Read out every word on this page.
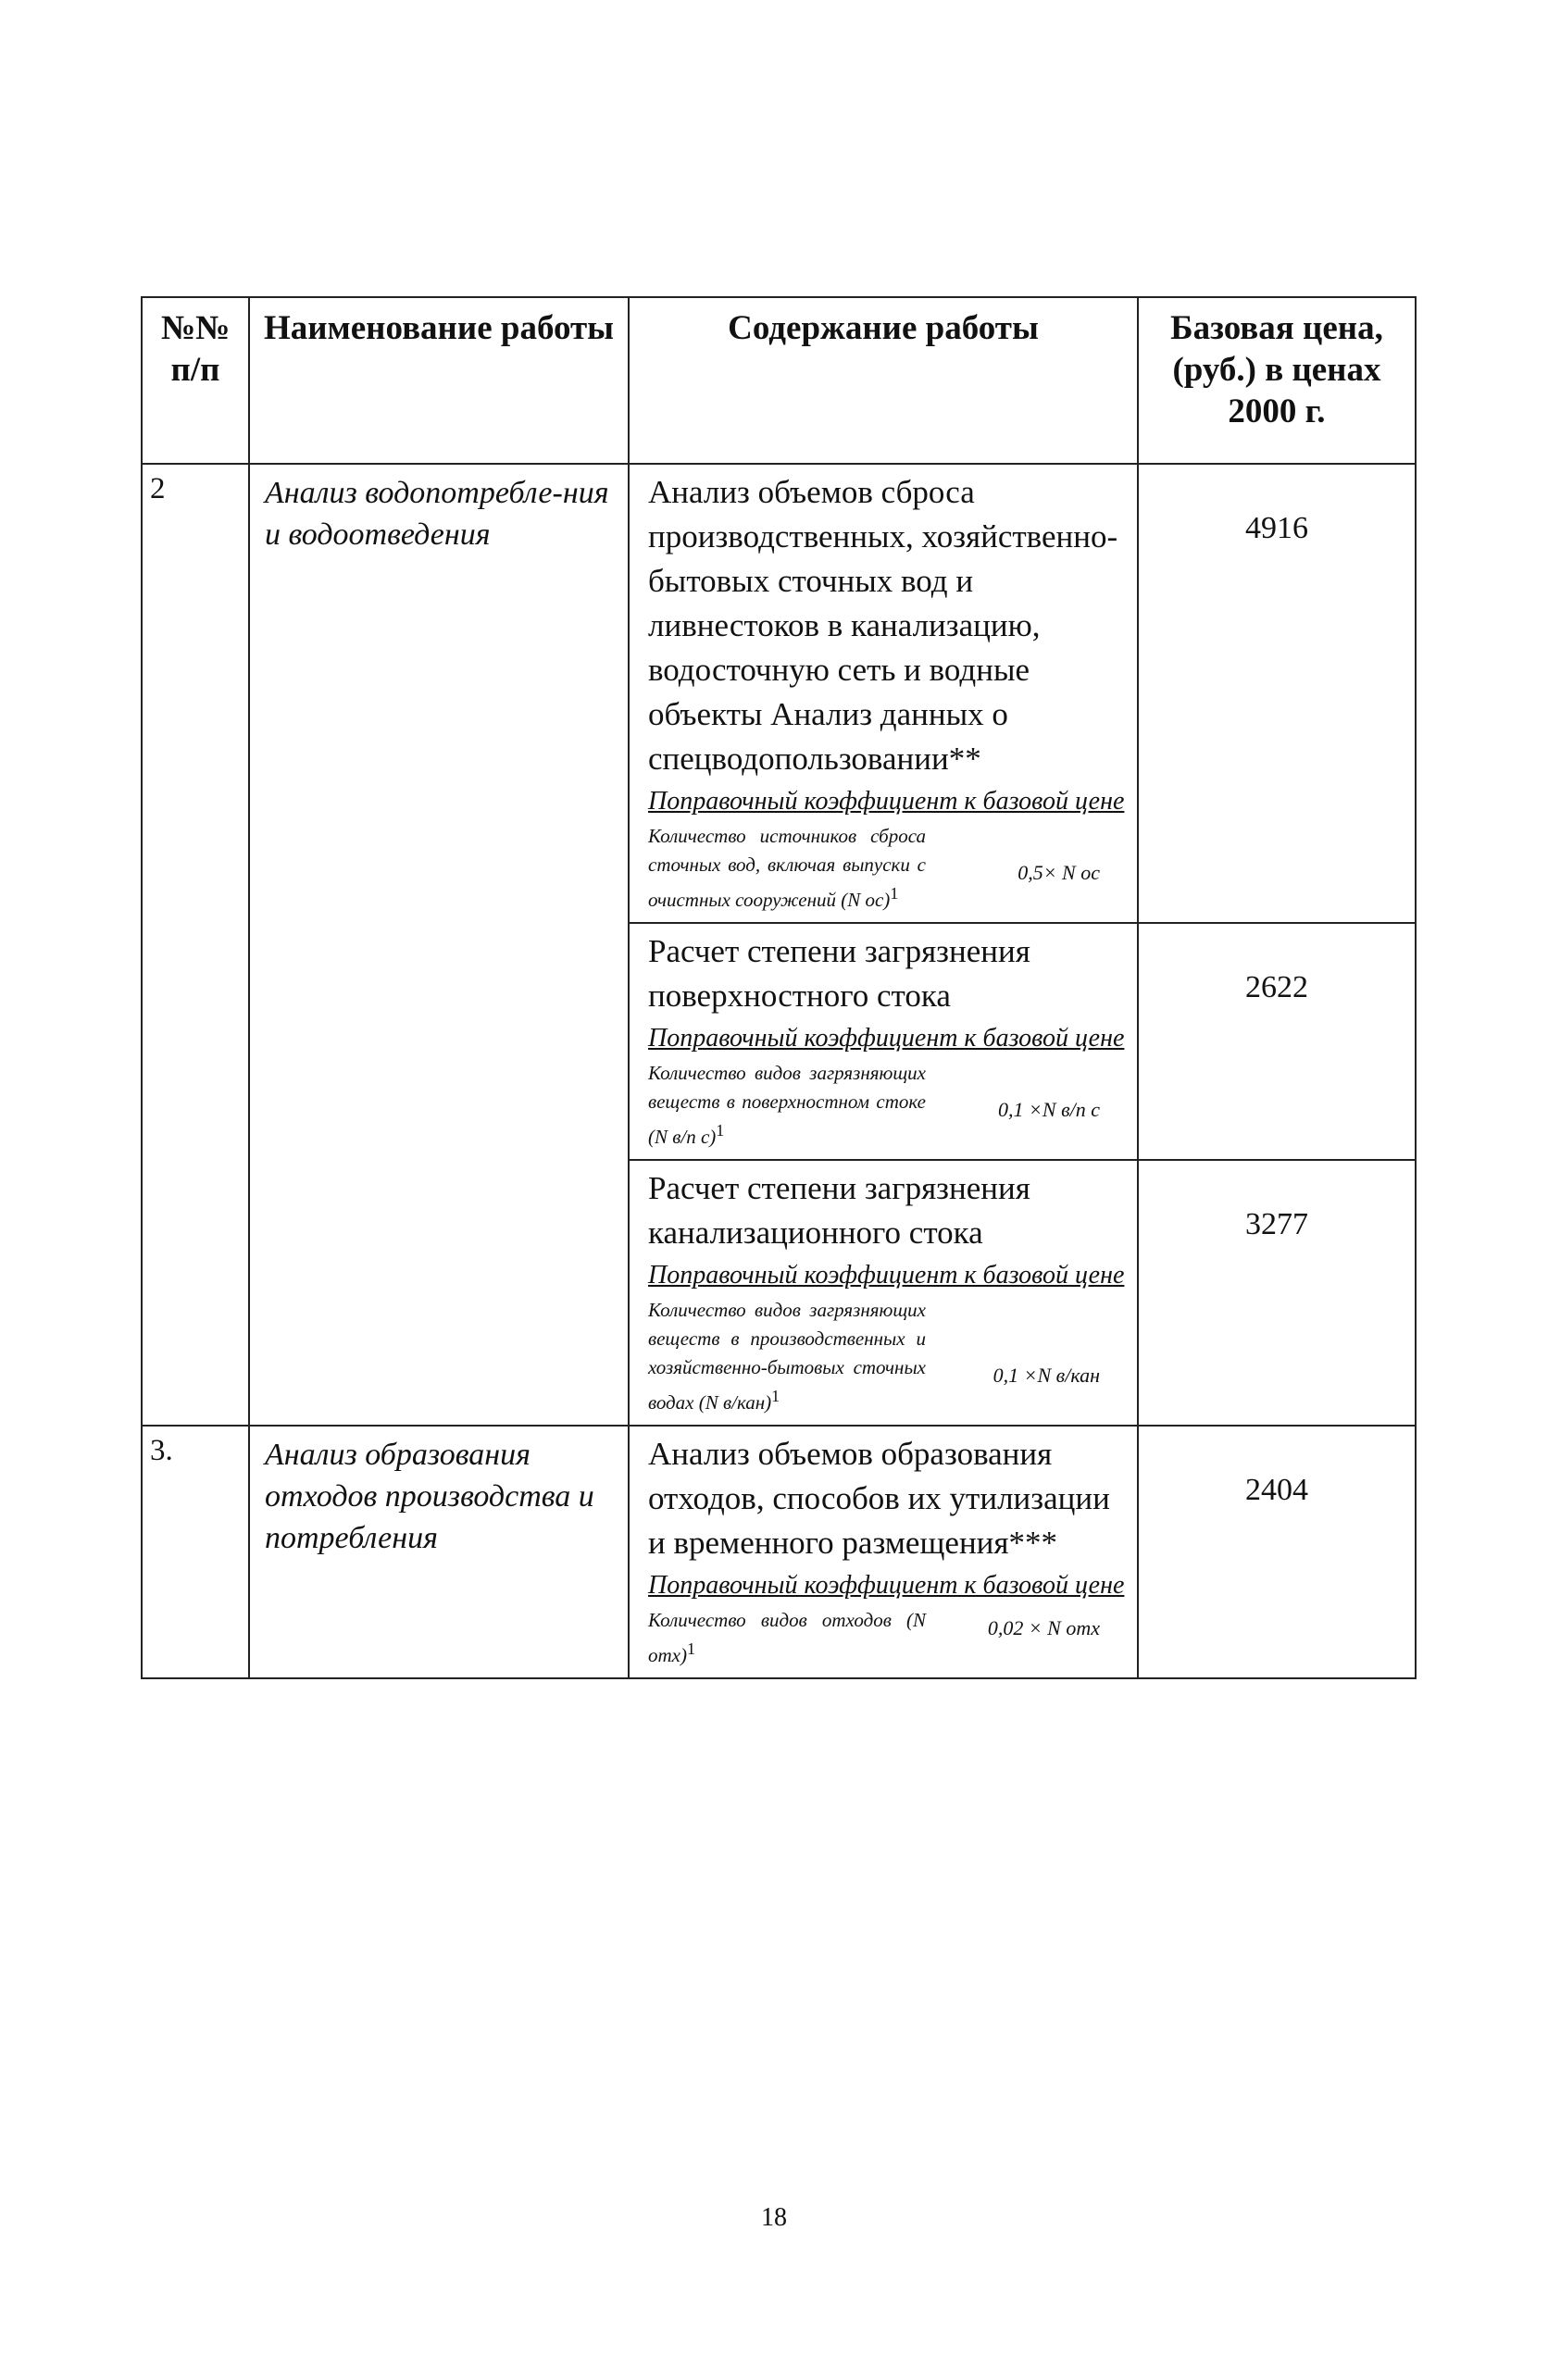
№№ п/п	Наименование работы	Содержание работы	Базовая цена, (руб.) в ценах 2000 г.

2	Анализ водопотребле-ния и водоотведения	Анализ объемов сброса производственных, хозяйственно-бытовых сточных вод и ливнестоков в канализацию, водосточную сеть и водные объекты Анализ данных о спецводопользовании**
Поправочный коэффициент к базовой цене
Количество источников сброса сточных вод, включая выпуски с очистных сооружений (N ос)$^1$
0,5× N ос	4916

		Расчет степени загрязнения поверхностного стока
Поправочный коэффициент к базовой цене
Количество видов загрязняющих веществ в поверхностном стоке (N в/п с)$^1$
0,1 ×N в/п с	2622

		Расчет степени загрязнения канализационного стока
Поправочный коэффициент к базовой цене
Количество видов загрязняющих веществ в производственных и хозяйственно-бытовых сточных водах (N в/кан)$^1$
0,1 ×N в/кан	3277

3.	Анализ образования отходов производства и потребления	Анализ объемов образования отходов, способов их утилизации и временного размещения***
Поправочный коэффициент к базовой цене
Количество видов отходов (N отх)$^1$
0,02 × N отх	2404
18
